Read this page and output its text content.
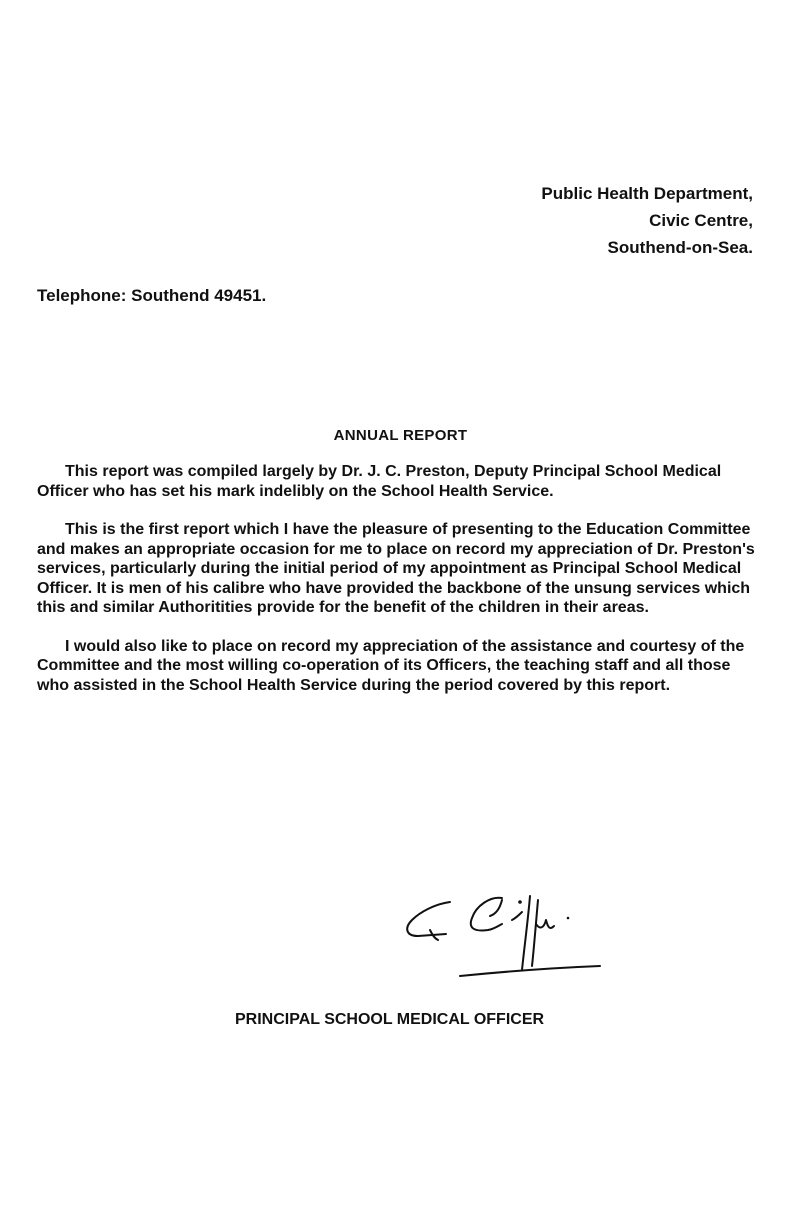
Public Health Department,
Civic Centre,
Southend-on-Sea.
Telephone: Southend 49451.
ANNUAL REPORT

This report was compiled largely by Dr. J. C. Preston, Deputy Principal School Medical Officer who has set his mark indelibly on the School Health Service.

This is the first report which I have the pleasure of presenting to the Education Committee and makes an appropriate occasion for me to place on record my appreciation of Dr. Preston's services, particularly during the initial period of my appointment as Principal School Medical Officer. It is men of his calibre who have provided the backbone of the unsung services which this and similar Authoritities provide for the benefit of the children in their areas.

I would also like to place on record my appreciation of the assistance and courtesy of the Committee and the most willing co-operation of its Officers, the teaching staff and all those who assisted in the School Health Service during the period covered by this report.

PRINCIPAL SCHOOL MEDICAL OFFICER
